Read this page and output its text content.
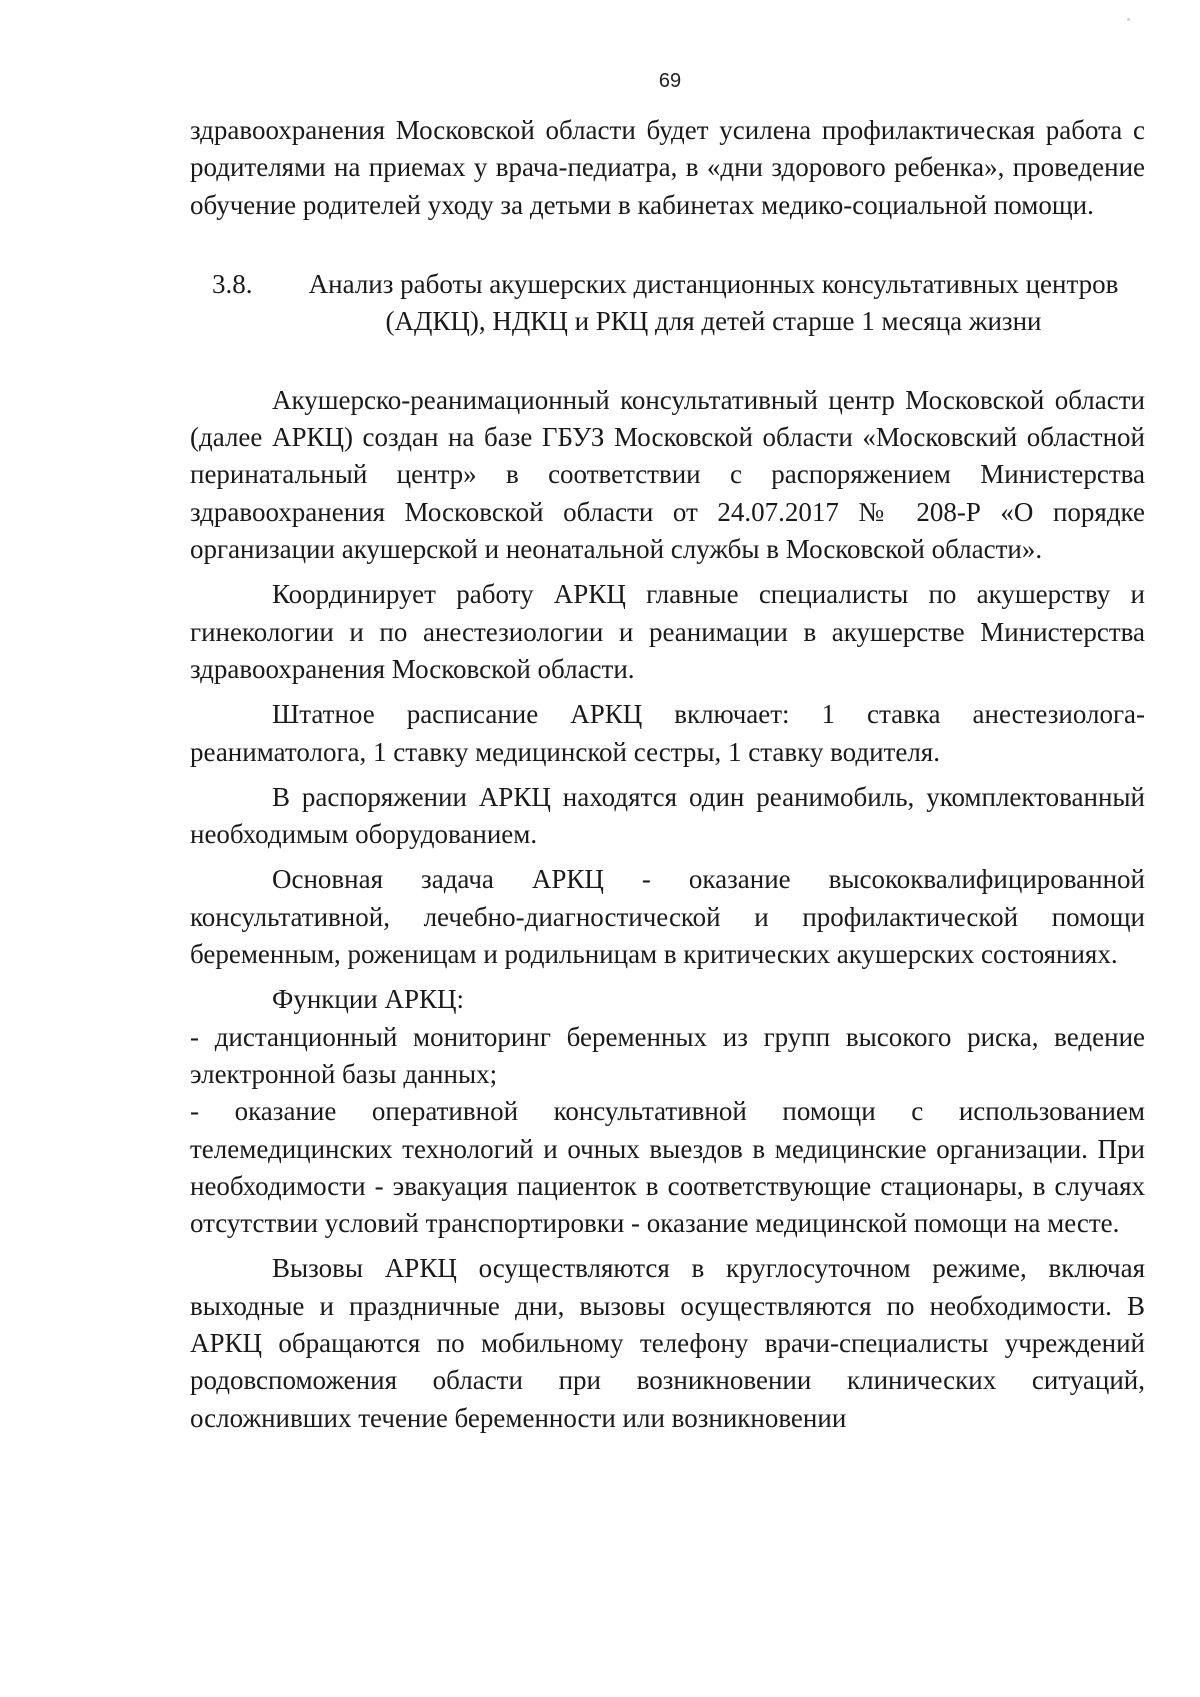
69

здравоохранения Московской области будет усилена профилактическая работа с родителями на приемах у врача-педиатра, в «дни здорового ребенка», проведение обучение родителей уходу за детьми в кабинетах медико-социальной помощи.

3.8.	Анализ работы акушерских дистанционных консультативных центров
(АДКЦ), НДКЦ и РКЦ для детей старше 1 месяца жизни

Акушерско-реанимационный консультативный центр Московской области (далее АРКЦ) создан на базе ГБУЗ Московской области «Московский областной перинатальный центр» в соответствии с распоряжением Министерства здравоохранения Московской области от 24.07.2017 № 208-Р «О порядке организации акушерской и неонатальной службы в Московской области».

Координирует работу АРКЦ главные специалисты по акушерству и гинекологии и по анестезиологии и реанимации в акушерстве Министерства здравоохранения Московской области.

Штатное расписание АРКЦ включает: 1 ставка анестезиолога-реаниматолога, 1 ставку медицинской сестры, 1 ставку водителя.

В распоряжении АРКЦ находятся один реанимобиль, укомплектованный необходимым оборудованием.

Основная задача АРКЦ - оказание высококвалифицированной консультативной, лечебно-диагностической и профилактической помощи беременным, роженицам и родильницам в критических акушерских состояниях.

Функции АРКЦ:

- дистанционный мониторинг беременных из групп высокого риска, ведение электронной базы данных;

- оказание оперативной консультативной помощи с использованием телемедицинских технологий и очных выездов в медицинские организации. При необходимости - эвакуация пациенток в соответствующие стационары, в случаях отсутствии условий транспортировки - оказание медицинской помощи на месте.

Вызовы АРКЦ осуществляются в круглосуточном режиме, включая выходные и праздничные дни, вызовы осуществляются по необходимости. В АРКЦ обращаются по мобильному телефону врачи-специалисты учреждений родовспоможения области при возникновении клинических ситуаций, осложнивших течение беременности или возникновении
